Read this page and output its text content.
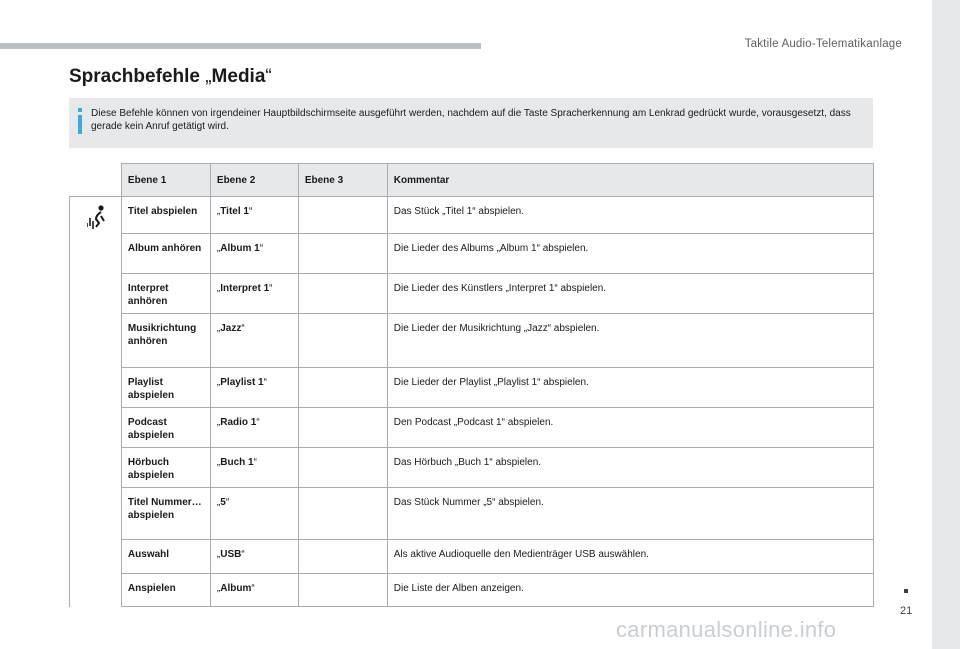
Taktile Audio-Telematikanlage
Sprachbefehle „Media“
Diese Befehle können von irgendeiner Hauptbildschirmseite ausgeführt werden, nachdem auf die Taste Spracherkennung am Lenkrad gedrückt wurde, vorausgesetzt, dass gerade kein Anruf getätigt wird.
	Ebene 1	Ebene 2	Ebene 3	Kommentar

	Titel abspielen	„Titel 1“		Das Stück „Titel 1“ abspielen.
	Album anhören	„Album 1“		Die Lieder des Albums „Album 1“ abspielen.
	Interpret anhören	„Interpret 1“		Die Lieder des Künstlers „Interpret 1“ abspielen.
	Musikrichtung anhören	„Jazz“		Die Lieder der Musikrichtung „Jazz“ abspielen.
	Playlist abspielen	„Playlist 1“		Die Lieder der Playlist „Playlist 1“ abspielen.
	Podcast abspielen	„Radio 1“		Den Podcast „Podcast 1“ abspielen.
	Hörbuch abspielen	„Buch 1“		Das Hörbuch „Buch 1“ abspielen.
	Titel Nummer… abspielen	„5“		Das Stück Nummer „5“ abspielen.
	Auswahl	„USB“		Als aktive Audioquelle den Medienträger USB auswählen.
	Anspielen	„Album“		Die Liste der Alben anzeigen.
21
carmanualsonline.info
